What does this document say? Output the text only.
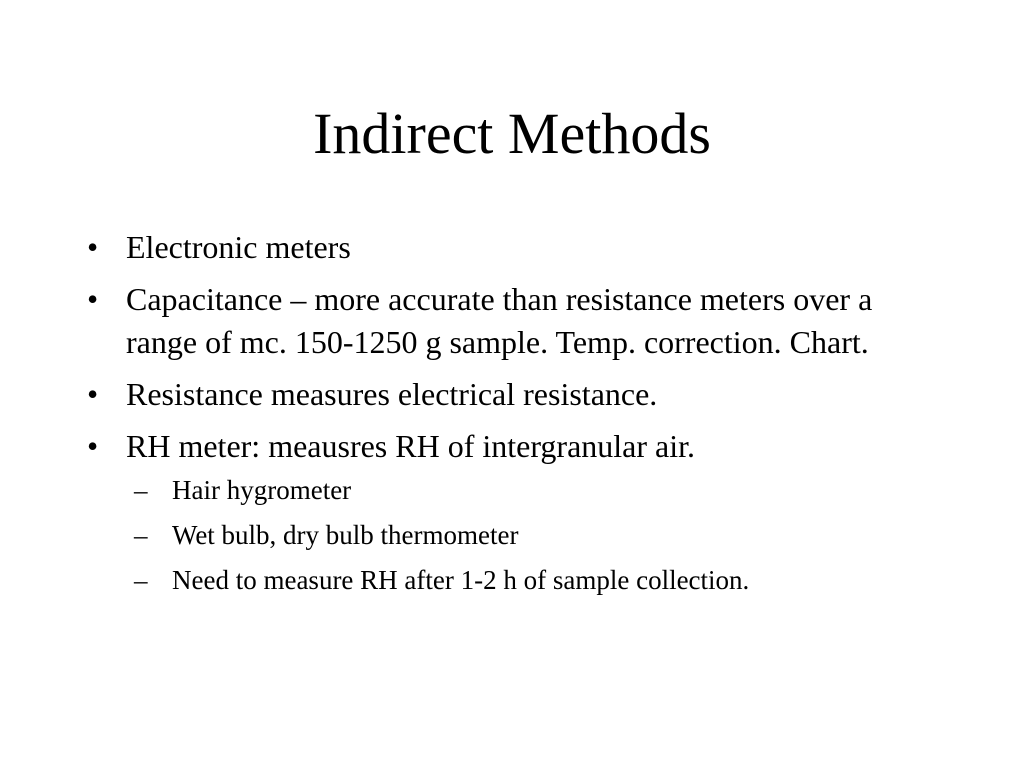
Indirect Methods
• Electronic meters
• Capacitance – more accurate than resistance meters over a range of mc. 150-1250 g sample. Temp. correction. Chart.
• Resistance measures electrical resistance.
• RH meter: meausres RH of intergranular air.
– Hair hygrometer
– Wet bulb, dry bulb thermometer
– Need to measure RH after 1-2 h of sample collection.
